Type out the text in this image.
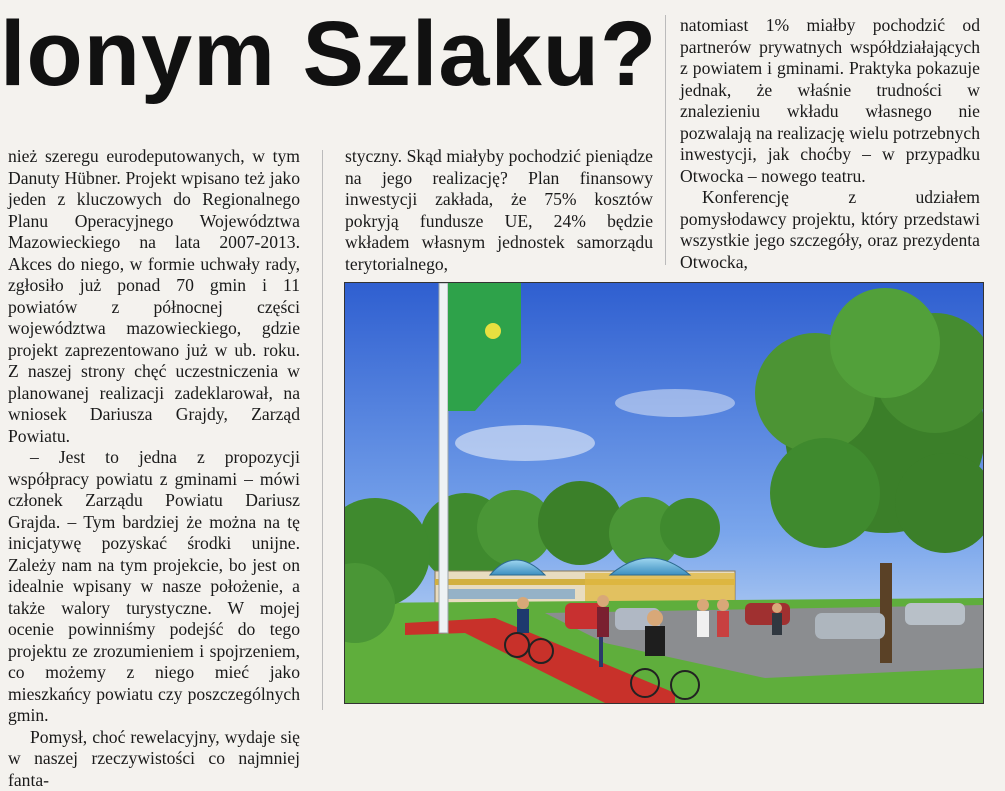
lonym Szlaku?

nież szeregu eurodeputowanych, w tym Danuty Hübner. Projekt wpisano też jako jeden z kluczowych do Regionalnego Planu Operacyjnego Województwa Mazowieckiego na lata 2007-2013. Akces do niego, w formie uchwały rady, zgłosiło już ponad 70 gmin i 11 powiatów z północnej części województwa mazowieckiego, gdzie projekt zaprezentowano już w ub. roku. Z naszej strony chęć uczestniczenia w planowanej realizacji zadeklarował, na wniosek Dariusza Grajdy, Zarząd Powiatu.

– Jest to jedna z propozycji współpracy powiatu z gminami – mówi członek Zarządu Powiatu Dariusz Grajda. – Tym bardziej że można na tę inicjatywę pozyskać środki unijne. Zależy nam na tym projekcie, bo jest on idealnie wpisany w nasze położenie, a także walory turystyczne. W mojej ocenie powinniśmy podejść do tego projektu ze zrozumieniem i spojrzeniem, co możemy z niego mieć jako mieszkańcy powiatu czy poszczególnych gmin.

Pomysł, choć rewelacyjny, wydaje się w naszej rzeczywistości co najmniej fanta-

styczny. Skąd miałyby pochodzić pieniądze na jego realizację? Plan finansowy inwestycji zakłada, że 75% kosztów pokryją fundusze UE, 24% będzie wkładem własnym jednostek samorządu terytorialnego,

natomiast 1% miałby pochodzić od partnerów prywatnych współdziałających z powiatem i gminami. Praktyka pokazuje jednak, że właśnie trudności w znalezieniu wkładu własnego nie pozwalają na realizację wielu potrzebnych inwestycji, jak choćby – w przypadku Otwocka – nowego teatru.

Konferencję z udziałem pomysłodawcy projektu, który przedstawi wszystkie jego szczegóły, oraz prezydenta Otwocka,
